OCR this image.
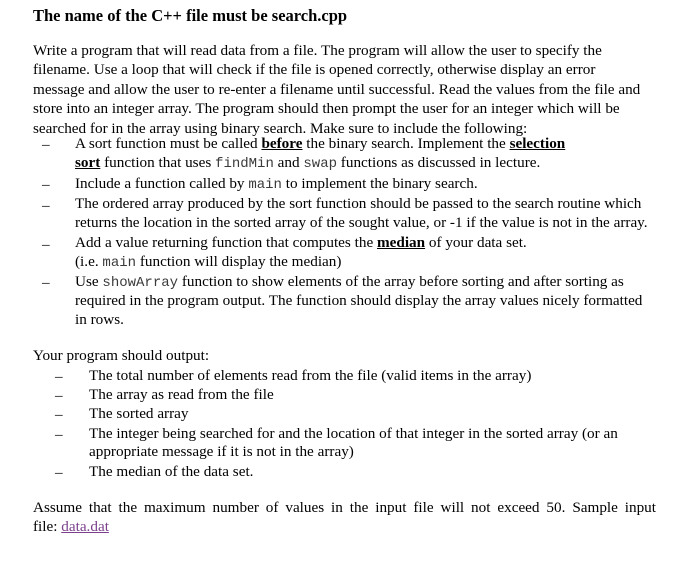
The name of the C++ file must be search.cpp
Write a program that will read data from a file. The program will allow the user to specify the
filename. Use a loop that will check if the file is opened correctly, otherwise display an error
message and allow the user to re-enter a filename until successful. Read the values from the file and
store into an integer array. The program should then prompt the user for an integer which will be
searched for in the array using binary search. Make sure to include the following:
– A sort function must be called before the binary search. Implement the selection
sort function that uses findMin and swap functions as discussed in lecture.
– Include a function called by main to implement the binary search.
– The ordered array produced by the sort function should be passed to the search routine which
returns the location in the sorted array of the sought value, or -1 if the value is not in the array.
– Add a value returning function that computes the median of your data set.
(i.e. main function will display the median)
– Use showArray function to show elements of the array before sorting and after sorting as
required in the program output. The function should display the array values nicely formatted
in rows.
Your program should output:
– The total number of elements read from the file (valid items in the array)
– The array as read from the file
– The sorted array
– The integer being searched for and the location of that integer in the sorted array (or an
appropriate message if it is not in the array)
– The median of the data set.
Assume that the maximum number of values in the input file will not exceed 50. Sample input
file: data.dat
